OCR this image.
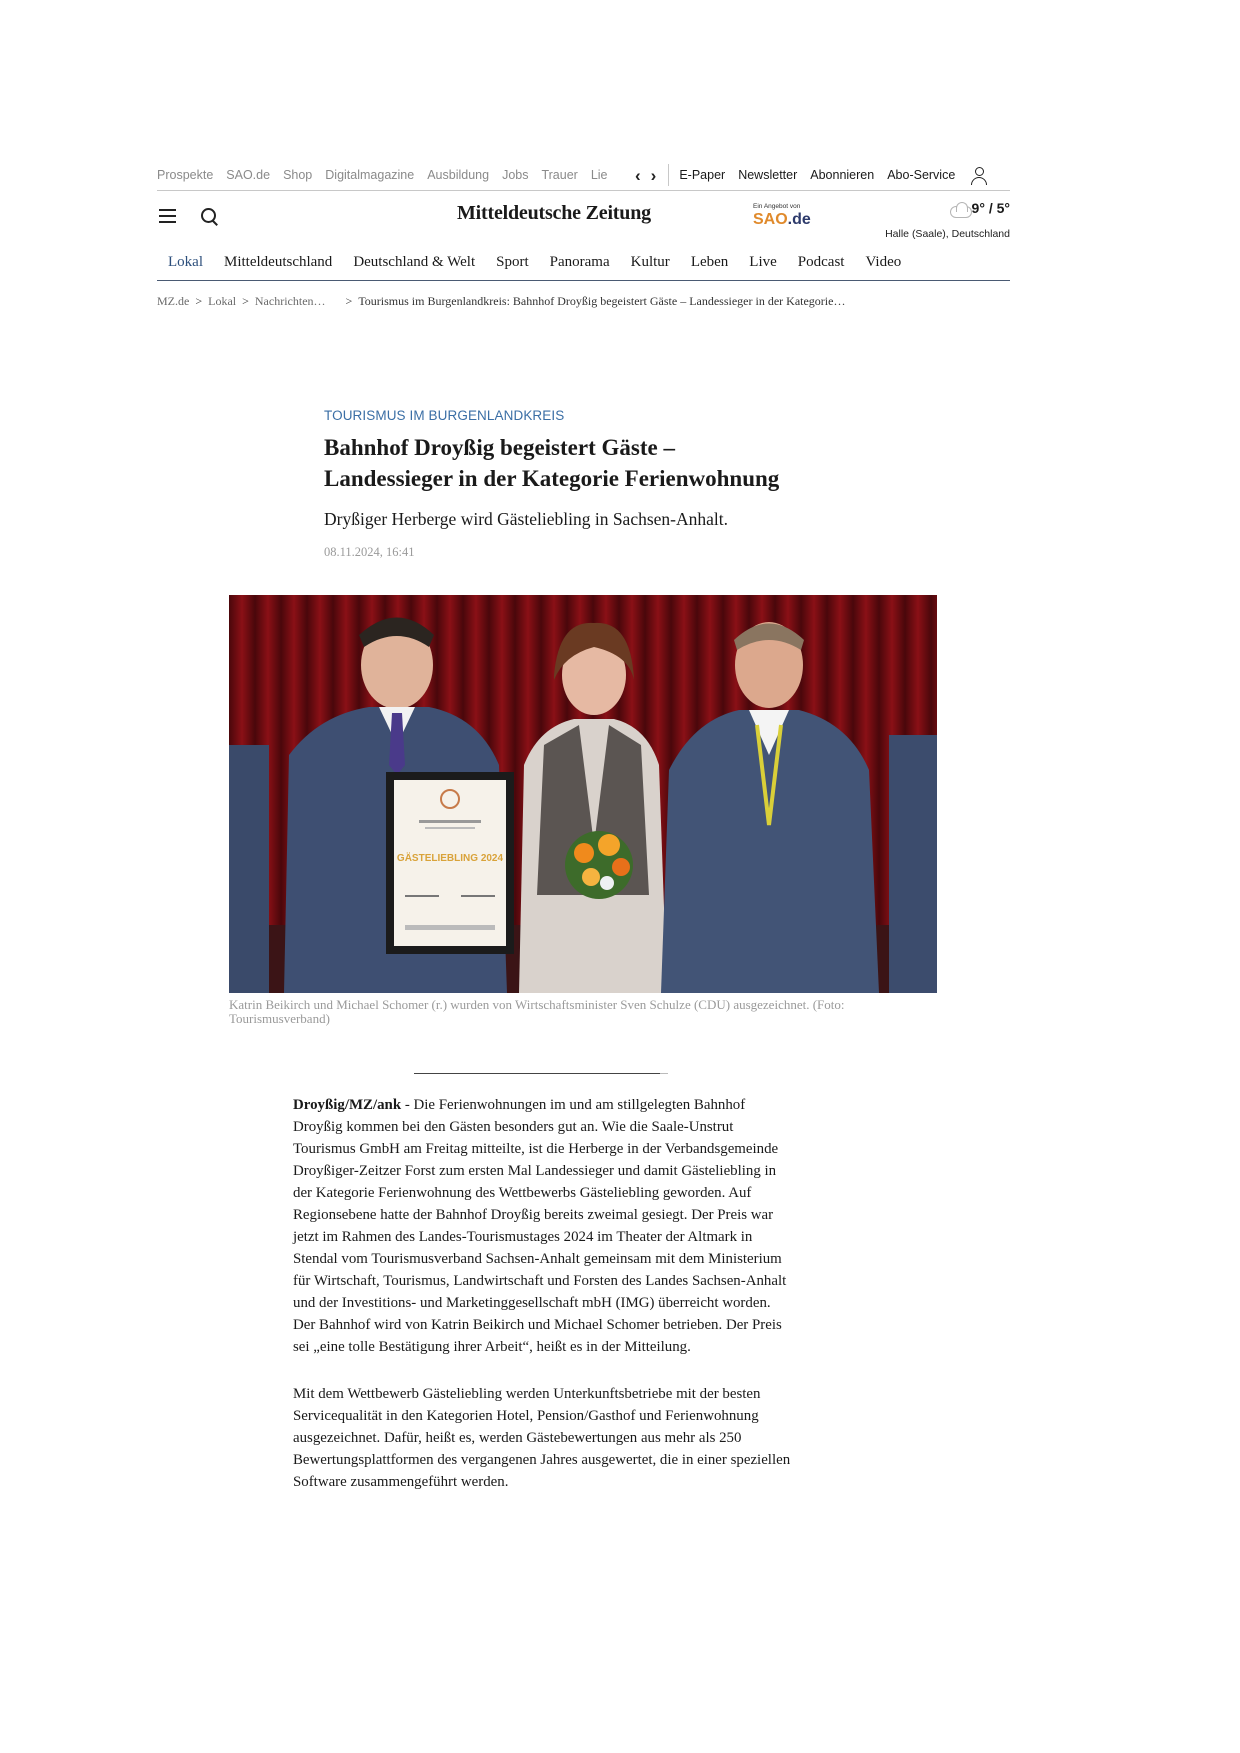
Prospekte SAO.de Shop Digitalmagazine Ausbildung Jobs Trauer Lie ‹ › E-Paper Newsletter Abonnieren Abo-Service
Mitteldeutsche Zeitung	Ein Angebot von
SAO.de
9° / 5°
Halle (Saale), Deutschland
Lokal Mitteldeutschland Deutschland & Welt Sport Panorama Kultur Leben Live Podcast Video
MZ.de > Lokal > Nachrichten… > Tourismus im Burgenlandkreis: Bahnhof Droyßig begeistert Gäste – Landessieger in der Kategorie…
TOURISMUS IM BURGENLANDKREIS
Bahnhof Droyßig begeistert Gäste –
Landessieger in der Kategorie Ferienwohnung

Dryßiger Herberge wird Gästeliebling in Sachsen-Anhalt.

08.11.2024, 16:41
GÄSTELIEBLING 2024
Katrin Beikirch und Michael Schomer (r.) wurden von Wirtschaftsminister Sven Schulze (CDU) ausgezeichnet. (Foto: Tourismusverband)

Droyßig/MZ/ank - Die Ferienwohnungen im und am stillgelegten Bahnhof Droyßig kommen bei den Gästen besonders gut an. Wie die Saale-Unstrut Tourismus GmbH am Freitag mitteilte, ist die Herberge in der Verbandsgemeinde Droyßiger-Zeitzer Forst zum ersten Mal Landessieger und damit Gästeliebling in der Kategorie Ferienwohnung des Wettbewerbs Gästeliebling geworden. Auf Regionsebene hatte der Bahnhof Droyßig bereits zweimal gesiegt. Der Preis war jetzt im Rahmen des Landes-Tourismustages 2024 im Theater der Altmark in Stendal vom Tourismusverband Sachsen-Anhalt gemeinsam mit dem Ministerium für Wirtschaft, Tourismus, Landwirtschaft und Forsten des Landes Sachsen-Anhalt und der Investitions- und Marketinggesellschaft mbH (IMG) überreicht worden. Der Bahnhof wird von Katrin Beikirch und Michael Schomer betrieben. Der Preis sei „eine tolle Bestätigung ihrer Arbeit“, heißt es in der Mitteilung.

Mit dem Wettbewerb Gästeliebling werden Unterkunftsbetriebe mit der besten Servicequalität in den Kategorien Hotel, Pension/Gasthof und Ferienwohnung ausgezeichnet. Dafür, heißt es, werden Gästebewertungen aus mehr als 250 Bewertungsplattformen des vergangenen Jahres ausgewertet, die in einer speziellen Software zusammengeführt werden.
